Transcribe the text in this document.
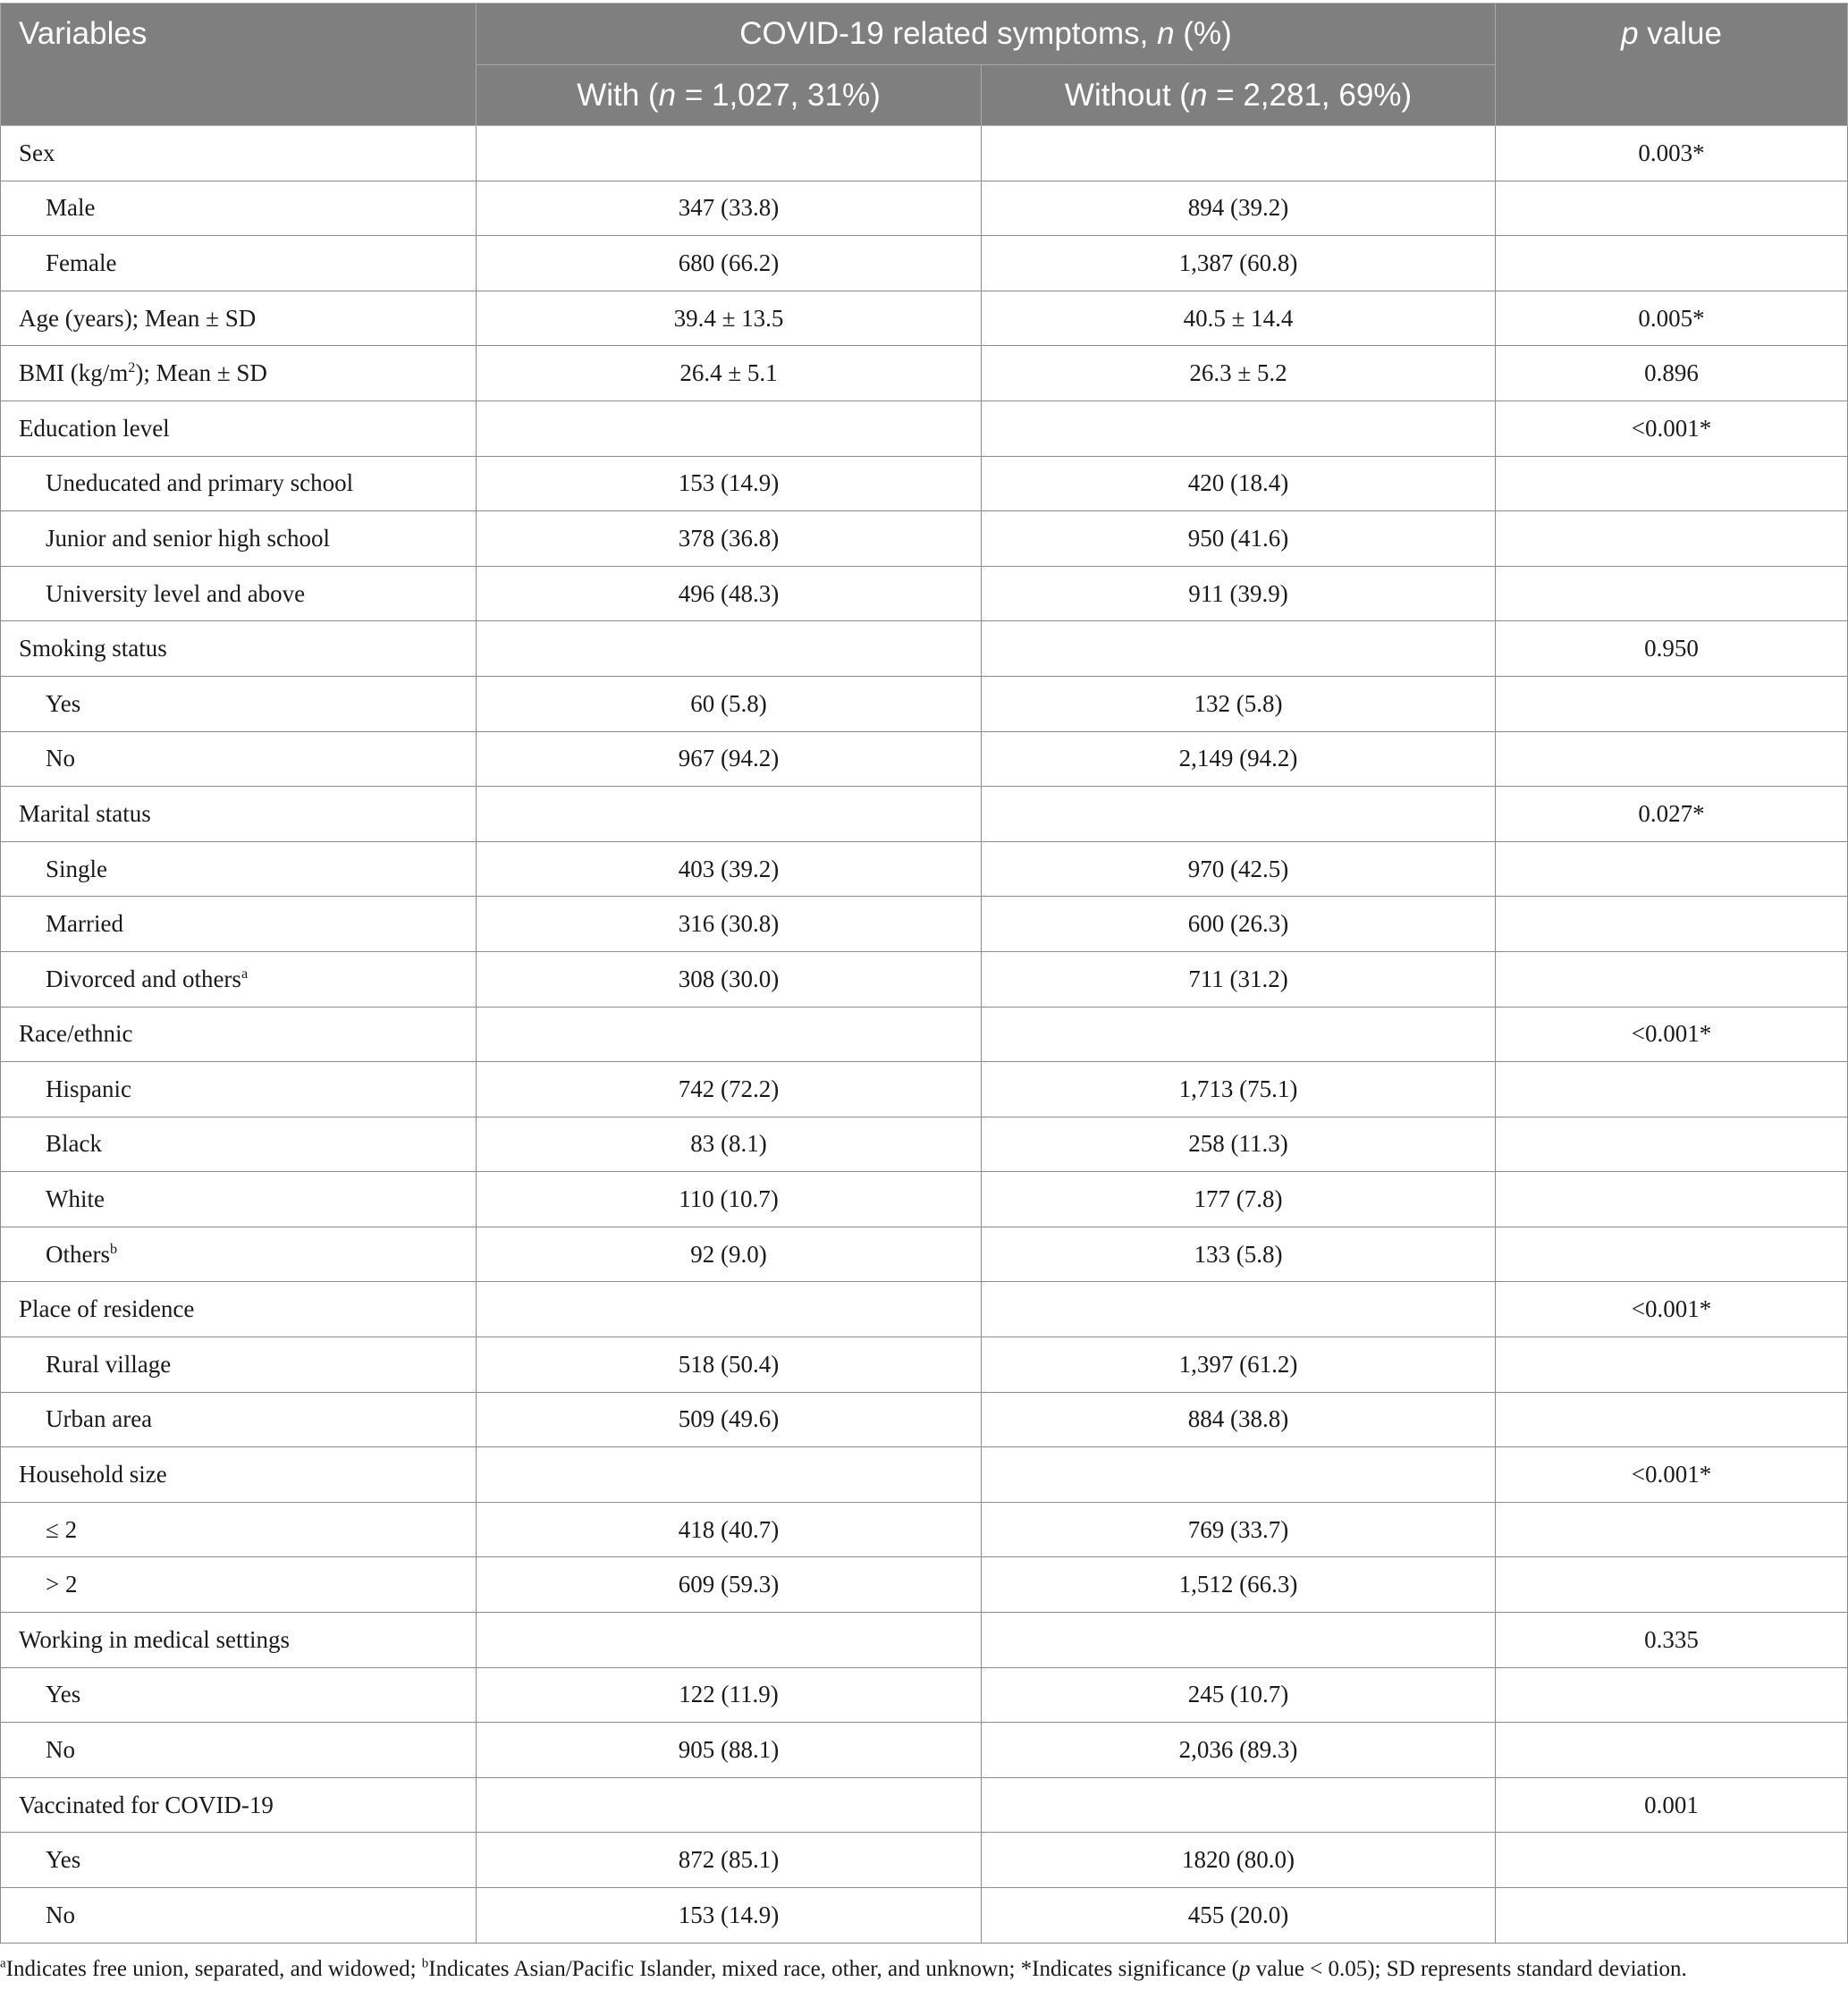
Variables	COVID-19 related symptoms, n (%)		p value
	With (n = 1,027, 31%)	Without (n = 2,281, 69%)	
Sex			0.003*
Male	347 (33.8)	894 (39.2)	
Female	680 (66.2)	1,387 (60.8)	
Age (years); Mean ± SD	39.4 ± 13.5	40.5 ± 14.4	0.005*
BMI $(kg/m^2)$; Mean ± SD	26.4 ± 5.1	26.3 ± 5.2	0.896
Education level			<0.001*
Uneducated and primary school	153 (14.9)	420 (18.4)	
Junior and senior high school	378 (36.8)	950 (41.6)	
University level and above	496 (48.3)	911 (39.9)	
Smoking status			0.950
Yes	60 (5.8)	132 (5.8)	
No	967 (94.2)	2,149 (94.2)	
Marital status			0.027*
Single	403 (39.2)	970 (42.5)	
Married	316 (30.8)	600 (26.3)	
Divorced and others$^a$	308 (30.0)	711 (31.2)	
Race/ethnic			<0.001*
Hispanic	742 (72.2)	1,713 (75.1)	
Black	83 (8.1)	258 (11.3)	
White	110 (10.7)	177 (7.8)	
Others$^b$	92 (9.0)	133 (5.8)	
Place of residence			<0.001*
Rural village	518 (50.4)	1,397 (61.2)	
Urban area	509 (49.6)	884 (38.8)	
Household size			<0.001*
≤ 2	418 (40.7)	769 (33.7)	
> 2	609 (59.3)	1,512 (66.3)	
Working in medical settings			0.335
Yes	122 (11.9)	245 (10.7)	
No	905 (88.1)	2,036 (89.3)	
Vaccinated for COVID-19			0.001
Yes	872 (85.1)	1820 (80.0)	
No	153 (14.9)	455 (20.0)	
$^a$Indicates free union, separated, and widowed; $^b$Indicates Asian/Pacific Islander, mixed race, other, and unknown; *Indicates significance (p value < 0.05); SD represents standard deviation.
